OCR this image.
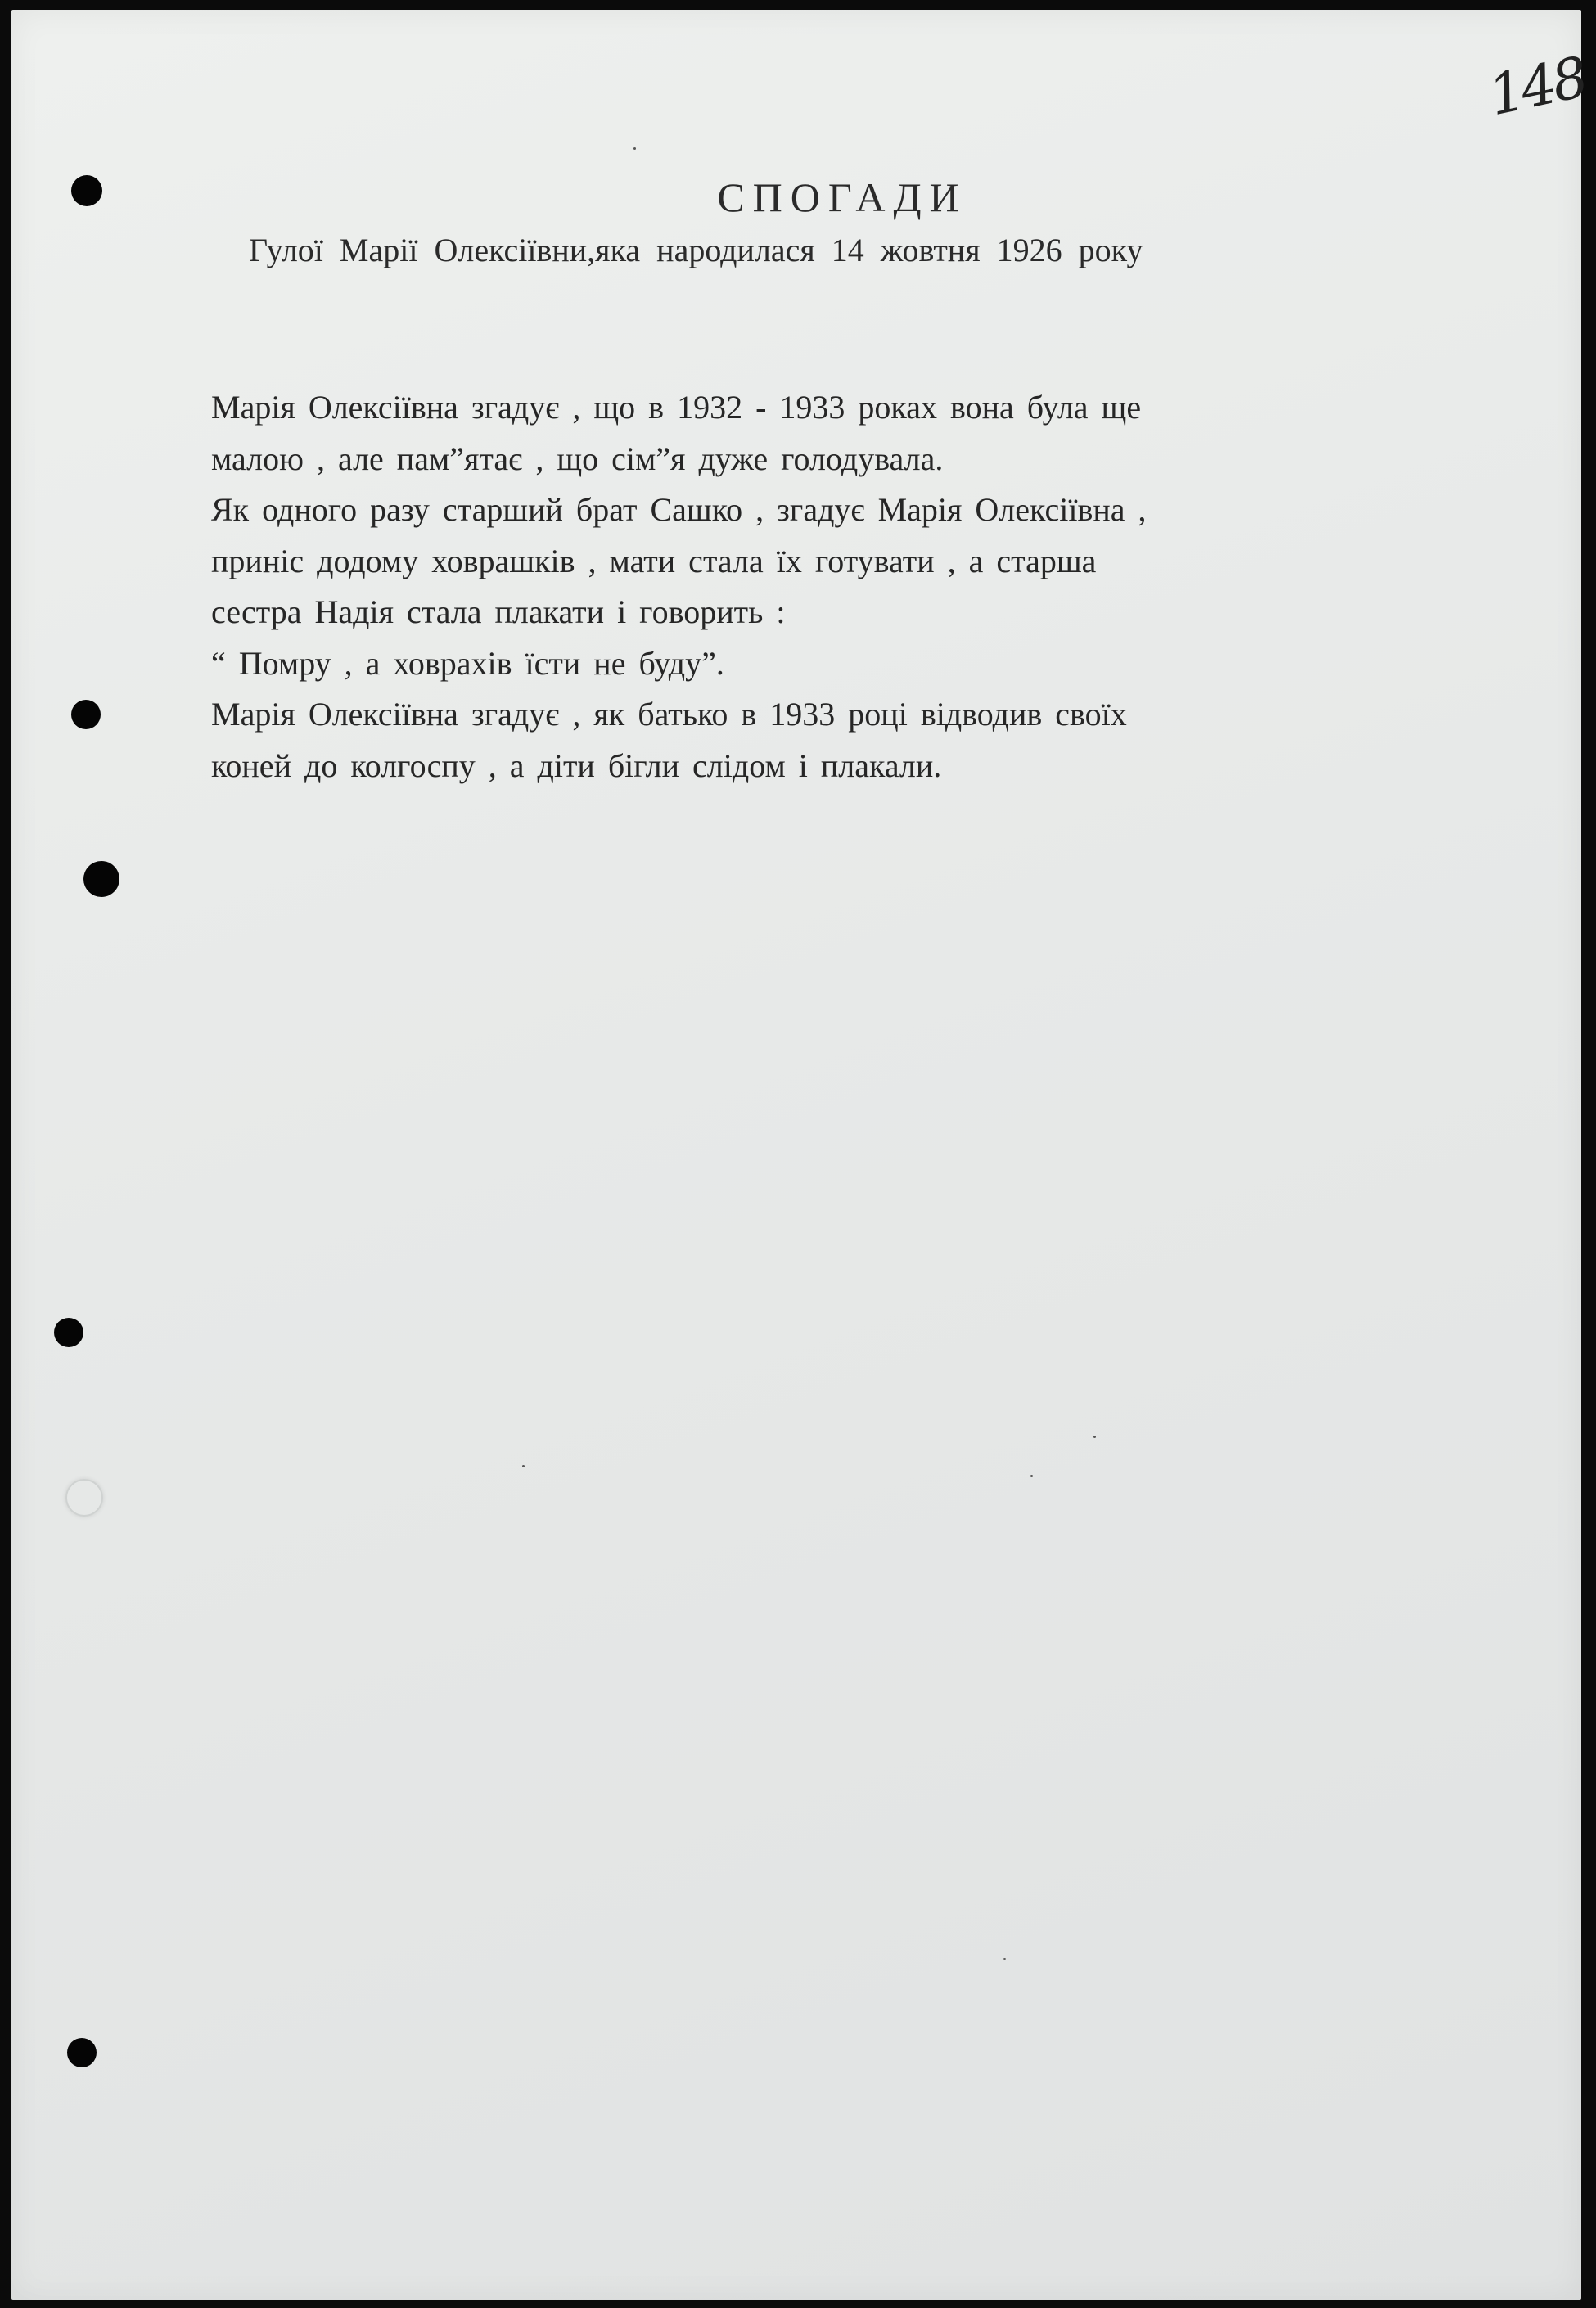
148
СПОГАДИ
Гулої Марії Олексіївни,яка народилася 14 жовтня 1926 року
Марія Олексіївна згадує , що в 1932 - 1933 роках вона була ще
малою , але пам”ятає , що сім”я дуже голодувала.
Як одного разу старший брат Сашко , згадує Марія Олексіївна ,
приніс додому ховрашків , мати стала їх готувати , а старша
сестра Надія стала плакати і говорить :
“ Помру , а ховрахів їсти не буду”.
Марія Олексіївна згадує , як батько в 1933 році відводив своїх
коней до колгоспу , а діти бігли слідом і плакали.
